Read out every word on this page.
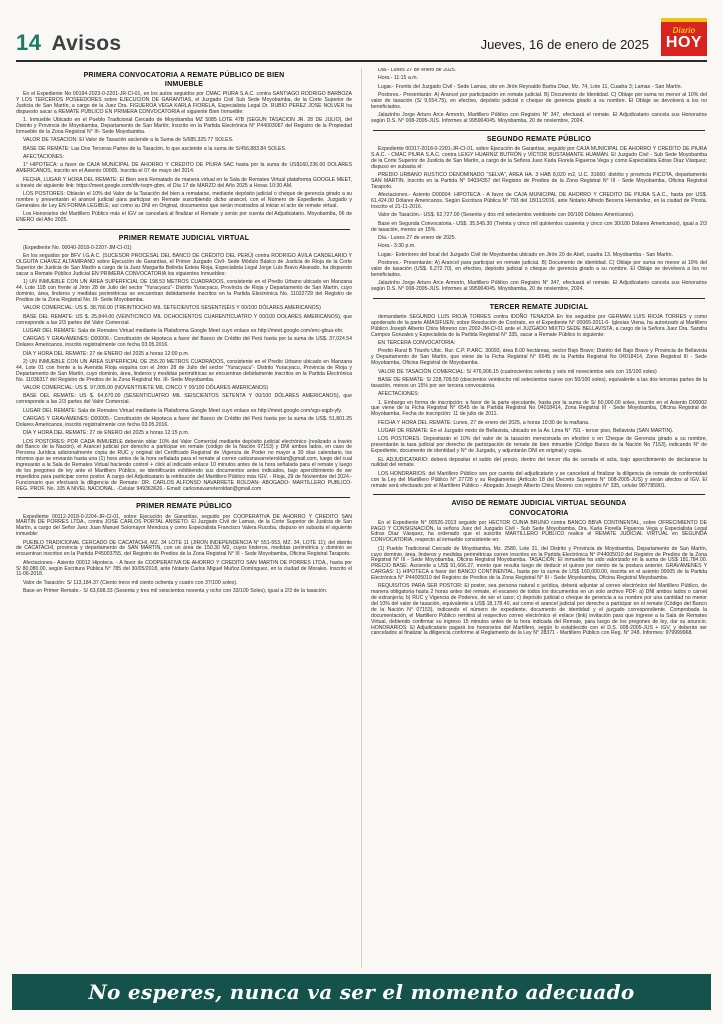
14 Avisos	Jueves, 16 de enero de 2025
Diario
HOY
PRIMERA CONVOCATORIA A REMATE PÚBLICO DE BIEN INMUEBLE

En el Expediente No 00194-2023-0-2201-JR-CI-01, en los autos seguidos por CMAC PIURA S.A.C. contra SANTIAGO RODRIGO BARBOZA Y LOS TERCEROS POSEEDORES sobre EJECUCION DE GARANTIAS, el Juzgado Civil Sub Sede Moyobamba, de la Corte Superior de Justicia de San Martín, a cargo de la Juez Dra. FIGUEROA VEGA KARLA FIORELA, Especialista Legal Dr. RUBIO PEREZ JOSE NOLVER ha dispuesto sacar a REMATE PÚBLICO EN PRIMERA CONVOCATORIA el siguiente Bien Inmueble:

1. Inmueble Ubicado en el Pueblo Tradicional Cercado de Moyobamba MZ 5085 LOTE 47B (SEGUN TASACION JR. 28 DE JULIO), del Distrito y Provincia de Moyobamba, Departamento de San Martín; Inscrito en la Partida Electrónica N° P44003067 del Registro de la Propiedad Inmueble de la Zona Registral N° III- Sede Moyobamba.

VALOR DE TASACION: El Valor de Tasación asciende a la Suma de S/685,325.77 SOLES.

BASE DE REMATE: Las Dos Terceras Partes de la Tasación, lo que asciende a la suma de S/456,883.84 SOLES.

AFECTACIONES:

1° HIPOTECA: a favor de CAJA MUNICIPAL DE AHORRO Y CREDITO DE PIURA SAC hasta por la suma de US$160,236.00 DOLARES AMERICANOS, inscrito en el Asiento 00005, Inscrita el 07 de mayo del 2014.

FECHA, LUGAR Y HORA DEL REMATE: El Bien será Rematado de manera virtual en la Sala de Remates Virtual plataforma GOOGLE MEET, a través de siguiente link: https://meet.google.com/dfv-tvqm-gbm, el Día 17 de MARZO del Año 2025 a Horas 10:30 AM.

LOS POSTORES: Oblarán el 10% del Valor de la Tasación del bien a rematarse, mediante depósito judicial o cheque de gerencia girado a su nombre y presentarán el arancel judicial para participar en Remate suscribiendo dicho arancel, con el Número de Expediente, Juzgado y Generales de Ley EN FORMA LEGIBLE; así como su DNI en Original, documentos que serán mostrados al iniciar el acto de remate virtual.

Los Honorarios del Martillero Público más el IGV se cancelará al finalizar el Remate y serán por cuenta del Adjudicatario. Moyobamba, 06 de ENERO del Año 2025.

PRIMER REMATE JUDICIAL VIRTUAL

(Expediente No. 00040-2018-0-2207-JM-CI-01)

En los seguidos por BFV I.G.A.C. (SUCESOR PROCESAL DEL BANCO DE CRÉDITO DEL PERÚ) contra RODRIGO ÁVILA CANDELARIO Y OLGUITA CHÁVEZ ALTAMIRANO sobre Ejecución de Garantías, el Primer Juzgado Civil- Sede Módulo Básico de Justicia de Rioja de la Corte Superior de Justicia de San Martín a cargo de la Juez Margarita Belinda Esteia Rioja, Especialista Legal Jorge Luis Bravo Alvarado, ha dispuesto sacar a Remate Público Judicial EN PRIMERA CONVOCATORIA los siguientes Inmuebles:

1) UN INMUEBLE CON UN ÁREA SUPERFICIAL DE 198.53 METROS CUADRADOS, consistente en el Predio Urbano ubicado en Manzana 44, Lote 11B con frente al Jirón 28 de Julio del sector “Yuracyacu”- Distrito Yuracyacu, Provincia de Rioja y Departamento de San Martín, cuyo dominio, área, linderos y medidas perimétricas se encuentran debidamente inscritos en la Partida Electrónica No. 11022729 del Registro de Predios de la Zona Registral No. III- Sede Moyobamba.

VALOR COMERCIAL: US $. 38,766.00 (TREINTIOCHO MIL SETECIENTOS SESENTISÉIS Y 00/100 DÓLARES AMERICANOS)

BASE DEL REMATE: US $. 25,844.00 (VEINTICINCO MIL OCHOCIENTOS CUARENTICUATRO Y 00/100 DOLARES AMERICANOS), que corresponde a las 2/3 partes del Valor Comercial.

LUGAR DEL REMATE: Sala de Remates Virtual mediante la Plataforma Google Meet cuyo enlace es http://meet.google.com/enc-gbua-ohr.

CARGAS Y GRAVÁMENES: D00006.- Constitución de Hipoteca a favor del Banco de Crédito del Perú hasta por la suma de US$. 37,024.54 Dolares Americanos, inscrito registralmente con fecha 03.05.2016.

DÍA Y HORA DEL REMATE: 27 de ENERO del 2025 a horas 12:00 p.m.

2) UN INMUEBLE CON UN ÁREA SUPERFICIAL DE 255.20 METROS CUADRADOS, consistente en el Predio Urbano ubicado en Manzana 44, Lote 01 con frente a la Avenida Rioja esquina con el Jirón 28 de Julio del sector “Yuracyacu”- Distrito Yuracyacu, Provincia de Rioja y Departamento de San Martín, cuyo dominio, área, linderos y medidas perimétricas se encuentran debidamente inscritos en la Partida Electrónica No. 11036317 del Registro de Predios de la Zona Registral No. III- Sede Moyobamba.

VALOR COMERCIAL: US $. 97,005.00 (NOVENTISIETE MIL CINCO Y 00/100 DÓLARES AMERICANOS)

BASE DEL REMATE: US $. 64,670.00 (SESENTICUATRO MIL SEISCIENTOS SETENTA Y 00/100 DÓLARES AMERICANOS), que corresponde a las 2/3 partes del Valor Comercial.

LUGAR DEL REMATE: Sala de Remates Virtual mediante la Plataforma Google Meet cuyo enlace es http://meet.google.com/vgo-sqpb-yfy.

CARGAS Y GRAVÁMENES: D00005.- Constitución de Hipoteca a favor del Banco de Crédito del Perú hasta por la suma de US$. 51,801.25 Dolares Americanos, inscrito registralmente con fecha 03.05.2016.

DÍA Y HORA DEL REMATE: 27 de ENERO del 2025 a horas 12:15 p.m.

LOS POSTORES: POR CADA INMUEBLE deberán oblar 10% del Valor Comercial mediante depósito judicial electrónico (realizado a través del Banco de la Nación), el Arancel judicial por derecho a participar en remate (código de la Nación 07153) y DNI ambos lados, en caso de Persona Jurídica adicionalmente copia de RUC y original del Certificado Registral de Vigencia de Poder no mayor a 30 días calendario, los mismos que se enviarán hasta una (1) hora antes de la hora señalada para el remate al correo carlosnavarreteroldan@gmail.com, luego del cual ingresarán a la Sala de Remates Virtual haciendo control + click al indicado enlace 10 minutos antes de la hora señalada para el remate y luego de los pregones de ley ante el Martillero Público, se identificarán exhibiendo sus documentos antes indicados, bajo apercibimiento de ser impedidos para participar como postor. A cargo del Adjudicatario la retribución del Martillero Público más IGV. - Rioja, 29 de Noviembre del 2024.- Funcionario que efectuará la diligencia de Remate: DR. CARLOS ALFONSO NAVARRETE ROLDAN- ABOGADO- MARTILLERO PUBLICO- REG. PROF. No. 105 A NIVEL NACIONAL. -Celular 949363626.- Email: carlosnavarreteroldan@gmail.com

PRIMER REMATE PÚBLICO

Expediente 00112-2018-0-2204-JR-CI-01, sobre Ejecución de Garantías, seguido por COOPERATIVA DE AHORRO Y CREDITO SAN MARTIN DE PORRES LTDA., contra JOSE CARLOS PORTAL ANISETO. El Juzgado Civil de Lamas, de la Corte Superior de Justicia de San Martín, a cargo del Señor Juez Juan Manuel Solomayor Mendoza y como Especialista Francisco Valera Rucoba, dispuso en subasta el siguiente inmueble:

PUEBLO TRADICIONAL CERCADO DE CACATACHI, MZ. 34 LOTE 11 (JIRON INDEPENDENCIA N° 551-553, MZ. 34, LOTE 11); del distrito de CACATACHI, provincia y departamento de SAN MARTIN, con un área de 150.30 M2, cuyos linderos, medidas perimétrica y dominio se encuentran inscritos en la Partida P45003755, del Registro de Predios de la Zona Registral N° III - Sede Moyobamba, Oficina Registral Tarapoto.

Afectaciones.- Asiento 00012 Hipoteca. - A favor de COOPERATIVA DE AHORRO Y CREDITO SAN MARTIN DE PORRES LTDA., hasta por S/ 80,080.00, según Escritura Pública N° 785 del 30/05/2018, ante Notario Carlos Miguel Muñoz Domínguez, en la ciudad de Morales. Inscrito el 11-06-2018.

Valor de Tasación: S/ 113,184.37 (Ciento trece mil ciento ochenta y cuatro con 37/100 soles).

Base en Primer Remate.- S/ 63,698.33 (Sesenta y tres mil seiscientos noventa y ocho con 33/100 Soles), igual a 2/3 de la tasación.

Día.- Lunes 27 de enero de 2025.

Hora.- 11:15 a.m.

Lugar.- Frontis del Juzgado Civil - Sede Lamas, sito en Jirón Reynaldo Bartra Díaz, Mz. 74, Lote 11, Cuadra 3; Lamas - San Martín.

Postores.- Presentarán: A) Arancel por participación en remate judicial. B) Documento de Identidad. C) Oblaje por suma no menor al 10% del valor de tasación (S/ 9,554.75), en efectivo, depósito judicial o cheque de gerencia girado a su nombre. El Oblaje se devolverá a los no beneficiados.

Jalazinho Jorge Arturo Arce Armorín, Martillero Público con Registro N° 347, efectuará el remate. El Adjudicatario cancela sus Honorarios según D.S. N° 008-2005-JUS. Informes al 995904045. Moyobamba, 20 de noviembre, 2024.

SEGUNDO REMATE PÚBLICO

Expediente 00317-2018-0-2201-JR-CI-01, sobre Ejecución de Garantías, seguido por CAJA MUNICIPAL DE AHORRO Y CREDITO DE PIURA S.A.C. - CMAC PIURA S.A.C. contra LEIGY HUARNIZ BUTRÓN y VÍCTOR BUSTAMANTE HUAMÁN. El Juzgado Civil - Sub Sede Moyobamba de la Corte Superior de Justicia de San Martín, a cargo de la Señora Juez Karla Fiorela Figueroa Vega y como Especialista Edras Díaz Vásquez; dispuso en subasta el:

PREDIO URBANO RUSTICO DENOMINADO “SELVA”, AREA HA. 3 HAB 8,020 m2, U.C. 31660; distrito y provincia PICOTA, departamento SAN MARTIN. Inscrito en la Partida N° 04034357 del Registro de Predios de la Zona Registral N° III - Sede Moyobamba, Oficina Registral Tarapoto.

Afectaciones.- Asiento D00004: HIPOTECA - A favor de CAJA MUNICIPAL DE AHORRO Y CREDITO DE PIURA S.A.C., hasta por US$. 61,424.00 Dólares Americanos. Según Escritura Pública N° 793 del 18/11/2016, ante Notario Alfredo Becerra Hernández, en la ciudad de Picota. Inscrito el 21-11-2016.

Valor de Tasación.- US$. 62,727.00 (Sesenta y dos mil setecientos veintisiete con 00/100 Dólares Americanos).

Base en Segunda Convocatoria.- US$. 35,545.30 (Treinta y cinco mil quinientos cuarenta y cinco con 30/100 Dólares Americanos), igual a 2/3 de tasación, menos un 15%.

Día.- Lunes 27 de enero de 2025.

Hora.- 3:30 p.m.

Lugar.- Exteriores del local del Juzgado Civil de Moyobamba ubicado en Jirón 20 de Abril, cuadra 13. Moyobamba - San Martín.

Postores.- Presentarán: A) Arancel para participar en remate judicial. B) Documento de identidad. C) Oblaje por suma no menor al 10% del valor de tasación (US$. 6,272.70), en efectivo, depósito judicial o cheque de gerencia girado a su nombre. El Oblaje se devolverá a los no beneficiados.

Jalazinho Jorge Arturo Arce Armorín, Martillero Público con Registro N° 347, efectuará el remate. El Adjudicatario cancela sus Honorarios según D.S. N° 008-2005-JUS. Informes al 995904045. Moyobamba, 20 de noviembre, 2024.

TERCER REMATE JUDICIAL

demandante SEGUNDO LUIS RIOJA TORRES contra IDOÑO TENAZOA En los seguidos por GERMAN LUIS RIOJA TORRES y como apoderado de la parte AMASIFUEN; sobre Resolución de Contrato, en el Expediente N° 00065-2011-0- Iglesias Viena, ha autorizado al Martillero Público Joseph Alberto Chira Moreno con 2002-JM-CI-01 ante el JUZGADO MIXTO SEDE BELLAVISTA, a cargo de la Señora Juez Dra. Sandra Campos Gonzales y Especialista de la Partida Registral N° 335, sacar a Remate Público lo siguiente:

EN TERCERA CONVOCATORIA:

Predio Rural B Triunfo Ubic. Rur. C.P. P.ARC. 30093, área 8.00 hectáreas, sector Bajo Bravo; Distrito del Bajo Bravo y Provincia de Bellavista y Departamento de San Martín, que viene de la Ficha Registral N° 6545 de la Partida Registral No 04018414, Zona Registral III - Sede Moyobamba, Oficina Registral de Moyobamba.

VALOR DE TASACIÓN COMERCIAL: S/ 476,906.15 (cuatrocientos setenta y seis mil novecientos seis con 15/100 soles)

BASE DE REMATE: S/ 228,709.50 (doscientos veintiocho mil setecientos nueve con 50/100 soles), equivalente a las dos terceras partes de la tasación, menos un 15% por ser tercera convocatoria.

AFECTACIONES:

1. Embargo en forma de inscripción: a favor de la parte ejecutante, hasta por la suma de S/ 60,000.00 soles, inscrito en el Asiento D00002 que viene de la Ficha Registral N° 6545 de la Partida Registral No 04018414, Zona Registral III - Sede Moyobamba, Oficina Registral de Moyobamba. Fecha de inscripción: 11 de julio de 2011.

FECHA Y HORA DEL REMATE: Lunes, 27 de enero del 2025, a horas 10:30 de la mañana.

LUGAR DE REMATE: En el Juzgado mixto de Bellavista, ubicado en la Av. Lima N° 791 - tercer piso, Bellavista (SAN MARTIN).

LOS POSTORES: Depositarán el 10% del valor de la tasación mencionada en efectivo o en Cheque de Gerencia girado a su nombre, presentarán la tasa judicial por derecho de participación de remate de bien inmueble (Código Banco de la Nación No 7153), indicando N° de Expediente, documento de identidad y N° de Juzgado, y adjuntarán DNI en original y copia.

EL ADJUDICATARIO: deberá depositar el saldo del precio, dentro del tercer día de cerrada el acta, bajo apercibimiento de declararse la nulidad del remate.

LOS HONORARIOS: del Martillero Público son por cuenta del adjudicatario y se cancelará al finalizar la diligencia de remate de conformidad con la Ley del Martillero Público N° 27728 y su Reglamento (Artículo 18 del Decreto Supremo N° 008-2005-JUS) y serán afectos al IGV. El remate será efectuado por el Martillero Público - Abogado Joseph Alberto Chira Moreno con registro N° 335, celular 987785901.

AVISO DE REMATE JUDICIAL VIRTUAL SEGUNDA CONVOCATORIA

En el Expediente N° 00526-2013 seguido por HECTOR CUNIA BRUNO contra BANCO BBVA CONTINENTAL, sobre OFRECIMIENTO DE PAGO Y CONSIGNACIÓN, la señora Juez del Juzgado Civil - Sub Sede Moyobamba, Dra. Karla Fiorella Figueroa Vega y Especialista Legal Edras Díaz Vásquez, ha ordenado que el suscrito MARTILLERO PÚBLICO realice el REMATE JUDICIAL VIRTUAL en SEGUNDA CONVOCATORIA, respecto al inmueble consistente en:

(1) Pueblo Tradicional Cercado de Moyobamba, Mz. 2580, Lote 31, del Distrito y Provincia de Moyobamba, Departamento de San Martín, cuyo dominio, área, linderos y medidas perimétricas corren inscritos en la Partida Electrónica N° P44005010 del Registro de Predios de la Zona Registral N° III - Sede Moyobamba, Oficina Registral Moyobamba. TASACIÓN: El inmueble ha sido valorizado en la suma de US$ 181,784.00. PRECIO BASE: Asciende a US$ 91,666.27, monto que resulta luego de deducir el quince por ciento de la postura anterior. GRAVÁMENES Y CARGAS: 1) HIPOTECA a favor del BANCO CONTINENTAL, hasta por la suma de US$ 160,000.00, inscrita en el asiento 00005 de la Partida Electrónica N° P44005010 del Registro de Predios de la Zona Registral N° III - Sede Moyobamba, Oficina Registral Moyobamba.

REQUISITOS PARA SER POSTOR: El postor, sea persona natural o jurídica, deberá adjuntar al correo electrónico del Martillero Público, de manera obligatoria hasta 2 horas antes del remate, el escaneo de todos los documentos en un solo archivo PDF: a) DNI ambos lados o carnet de extranjería; b) RUC y Vigencia de Poderes, de ser el caso; c) depósito judicial o cheque de gerencia a su nombre por una cantidad no menor del 10% del valor de tasación, equivalente a US$ 18,178.40, así como el arancel judicial por derecho a participar en el remate (Código del Banco de la Nación N° 07153), indicando el número de expediente, documento de identidad y el juzgado correspondiente. Comprobada la documentación, el Martillero Público remitirá al respectivo correo electrónico el enlace (link) invitación para que ingrese a la Sala de Remates Virtual, debiendo confirmar su ingreso 15 minutos antes de la hora indicada del Remate, para luego de los pregones de ley, dar su anuncio. HONORARIOS: El Adjudicatario pagará los honorarios del Martillero, según lo establecido con el D.S. 008-2005-JUS + IGV, y deberán ser cancelados al finalizar la diligencia conforme al Reglamento de la Ley N° 28371 - Martillero Público con Reg. N° 248. Informes: 979999968.

No esperes, nunca va ser el momento adecuado
